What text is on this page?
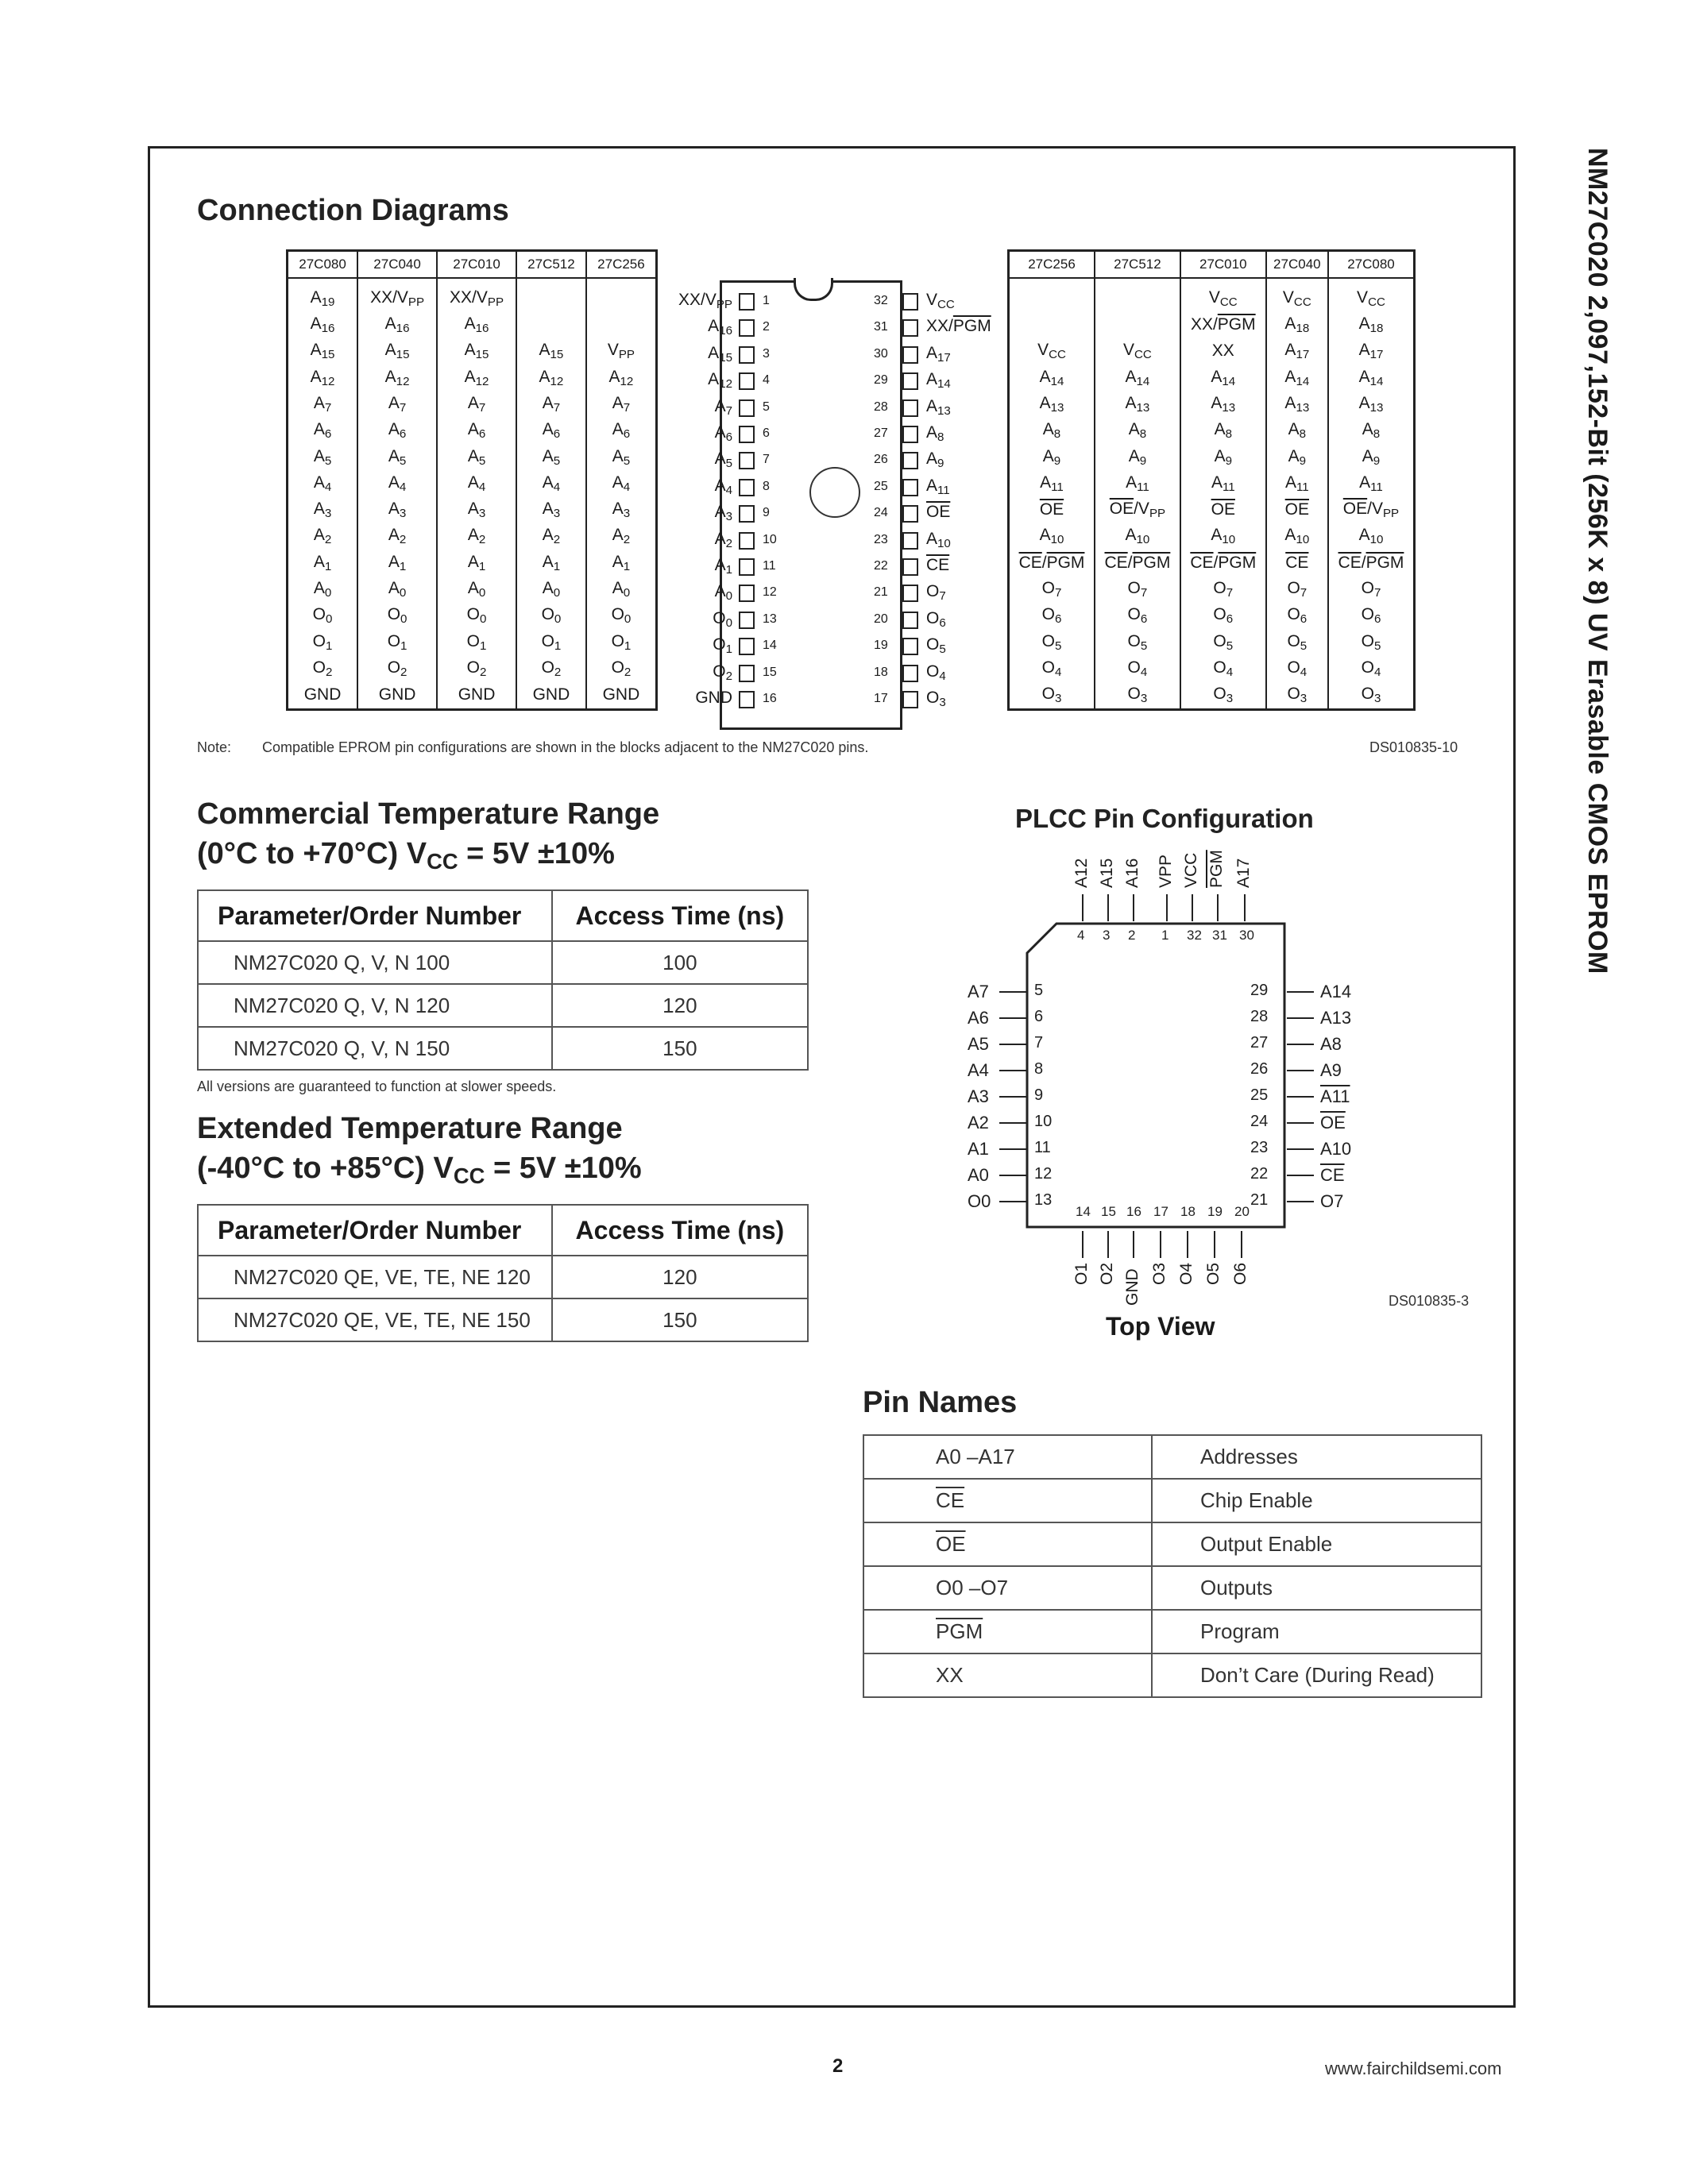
NM27C020 2,097,152-Bit (256K x 8) UV Erasable CMOS EPROM
Connection Diagrams
27C080	27C040	27C010	27C512	27C256
$A_{19}$	$XX/V_{PP}$	$XX/V_{PP}$		
$A_{16}$	$A_{16}$	$A_{16}$		
$A_{15}$	$A_{15}$	$A_{15}$	$A_{15}$	$V_{PP}$
$A_{12}$	$A_{12}$	$A_{12}$	$A_{12}$	$A_{12}$
$A_7$	$A_7$	$A_7$	$A_7$	$A_7$
$A_6$	$A_6$	$A_6$	$A_6$	$A_6$
$A_5$	$A_5$	$A_5$	$A_5$	$A_5$
$A_4$	$A_4$	$A_4$	$A_4$	$A_4$
$A_3$	$A_3$	$A_3$	$A_3$	$A_3$
$A_2$	$A_2$	$A_2$	$A_2$	$A_2$
$A_1$	$A_1$	$A_1$	$A_1$	$A_1$
$A_0$	$A_0$	$A_0$	$A_0$	$A_0$
$O_0$	$O_0$	$O_0$	$O_0$	$O_0$
$O_1$	$O_1$	$O_1$	$O_1$	$O_1$
$O_2$	$O_2$	$O_2$	$O_2$	$O_2$
GND	GND	GND	GND	GND
27C256	27C512	27C010	27C040	27C080
		$V_{CC}$	$V_{CC}$	$V_{CC}$
		$XX/\overline{PGM}$	$A_{18}$	$A_{18}$
$V_{CC}$	$V_{CC}$	XX	$A_{17}$	$A_{17}$
$A_{14}$	$A_{14}$	$A_{14}$	$A_{14}$	$A_{14}$
$A_{13}$	$A_{13}$	$A_{13}$	$A_{13}$	$A_{13}$
$A_8$	$A_8$	$A_8$	$A_8$	$A_8$
$A_9$	$A_9$	$A_9$	$A_9$	$A_9$
$A_{11}$	$A_{11}$	$A_{11}$	$A_{11}$	$A_{11}$
$\overline{OE}$	$\overline{OE}/V_{PP}$	$\overline{OE}$	$\overline{OE}$	$\overline{OE}/V_{PP}$
$A_{10}$	$A_{10}$	$A_{10}$	$A_{10}$	$A_{10}$
$\overline{CE}/\overline{PGM}$	$\overline{CE}/\overline{PGM}$	$\overline{CE}/\overline{PGM}$	$\overline{CE}$	$\overline{CE}/\overline{PGM}$
$O_7$	$O_7$	$O_7$	$O_7$	$O_7$
$O_6$	$O_6$	$O_6$	$O_6$	$O_6$
$O_5$	$O_5$	$O_5$	$O_5$	$O_5$
$O_4$	$O_4$	$O_4$	$O_4$	$O_4$
$O_3$	$O_3$	$O_3$	$O_3$	$O_3$
$XX/V_{PP}$ 1
$A_{16}$ 2
$A_{15}$ 3
$A_{12}$ 4
$A_7$ 5
$A_6$ 6
$A_5$ 7
$A_4$ 8
$A_3$ 9
$A_2$ 10
$A_1$ 11
$A_0$ 12
$O_0$ 13
$O_1$ 14
$O_2$ 15
GND 16
32 $V_{CC}$
31 $XX/\overline{PGM}$
30 $A_{17}$
29 $A_{14}$
28 $A_{13}$
27 $A_8$
26 $A_9$
25 $A_{11}$
24 $\overline{OE}$
23 $A_{10}$
22 $\overline{CE}$
21 $O_7$
20 $O_6$
19 $O_5$
18 $O_4$
17 $O_3$
Note: Compatible EPROM pin configurations are shown in the blocks adjacent to the NM27C020 pins.	DS010835-10
Commercial Temperature Range
(0°C to +70°C) $V_{CC} = 5V \pm 10\%$
Parameter/Order Number	Access Time (ns)
NM27C020 Q, V, N 100	100
NM27C020 Q, V, N 120	120
NM27C020 Q, V, N 150	150
All versions are guaranteed to function at slower speeds.
Extended Temperature Range
(-40°C to +85°C) $V_{CC} = 5V \pm 10\%$
Parameter/Order Number	Access Time (ns)
NM27C020 QE, VE, TE, NE 120	120
NM27C020 QE, VE, TE, NE 150	150
PLCC Pin Configuration
A12
4
A15
3
A16
2
VPP
1
VCC
32
$\overline{PGM}$
31
A17
30
A7	5
A6	6
A5	7
A4	8
A3	9
A2	10
A1	11
A0	12
O0	13
29	A14
28	A13
27	A8
26	A9
25	A11
24	$\overline{OE}$
23	A10
22	$\overline{CE}$
21	O7
14
O1
15
O2
16
GND
17
O3
18
O4
19
O5
20
O6
DS010835-3
Top View
Pin Names
A0 –A17	Addresses
$\overline{CE}$	Chip Enable
$\overline{OE}$	Output Enable
O0 –O7	Outputs
$\overline{PGM}$	Program
XX	Don’t Care (During Read)
2	www.fairchildsemi.com
